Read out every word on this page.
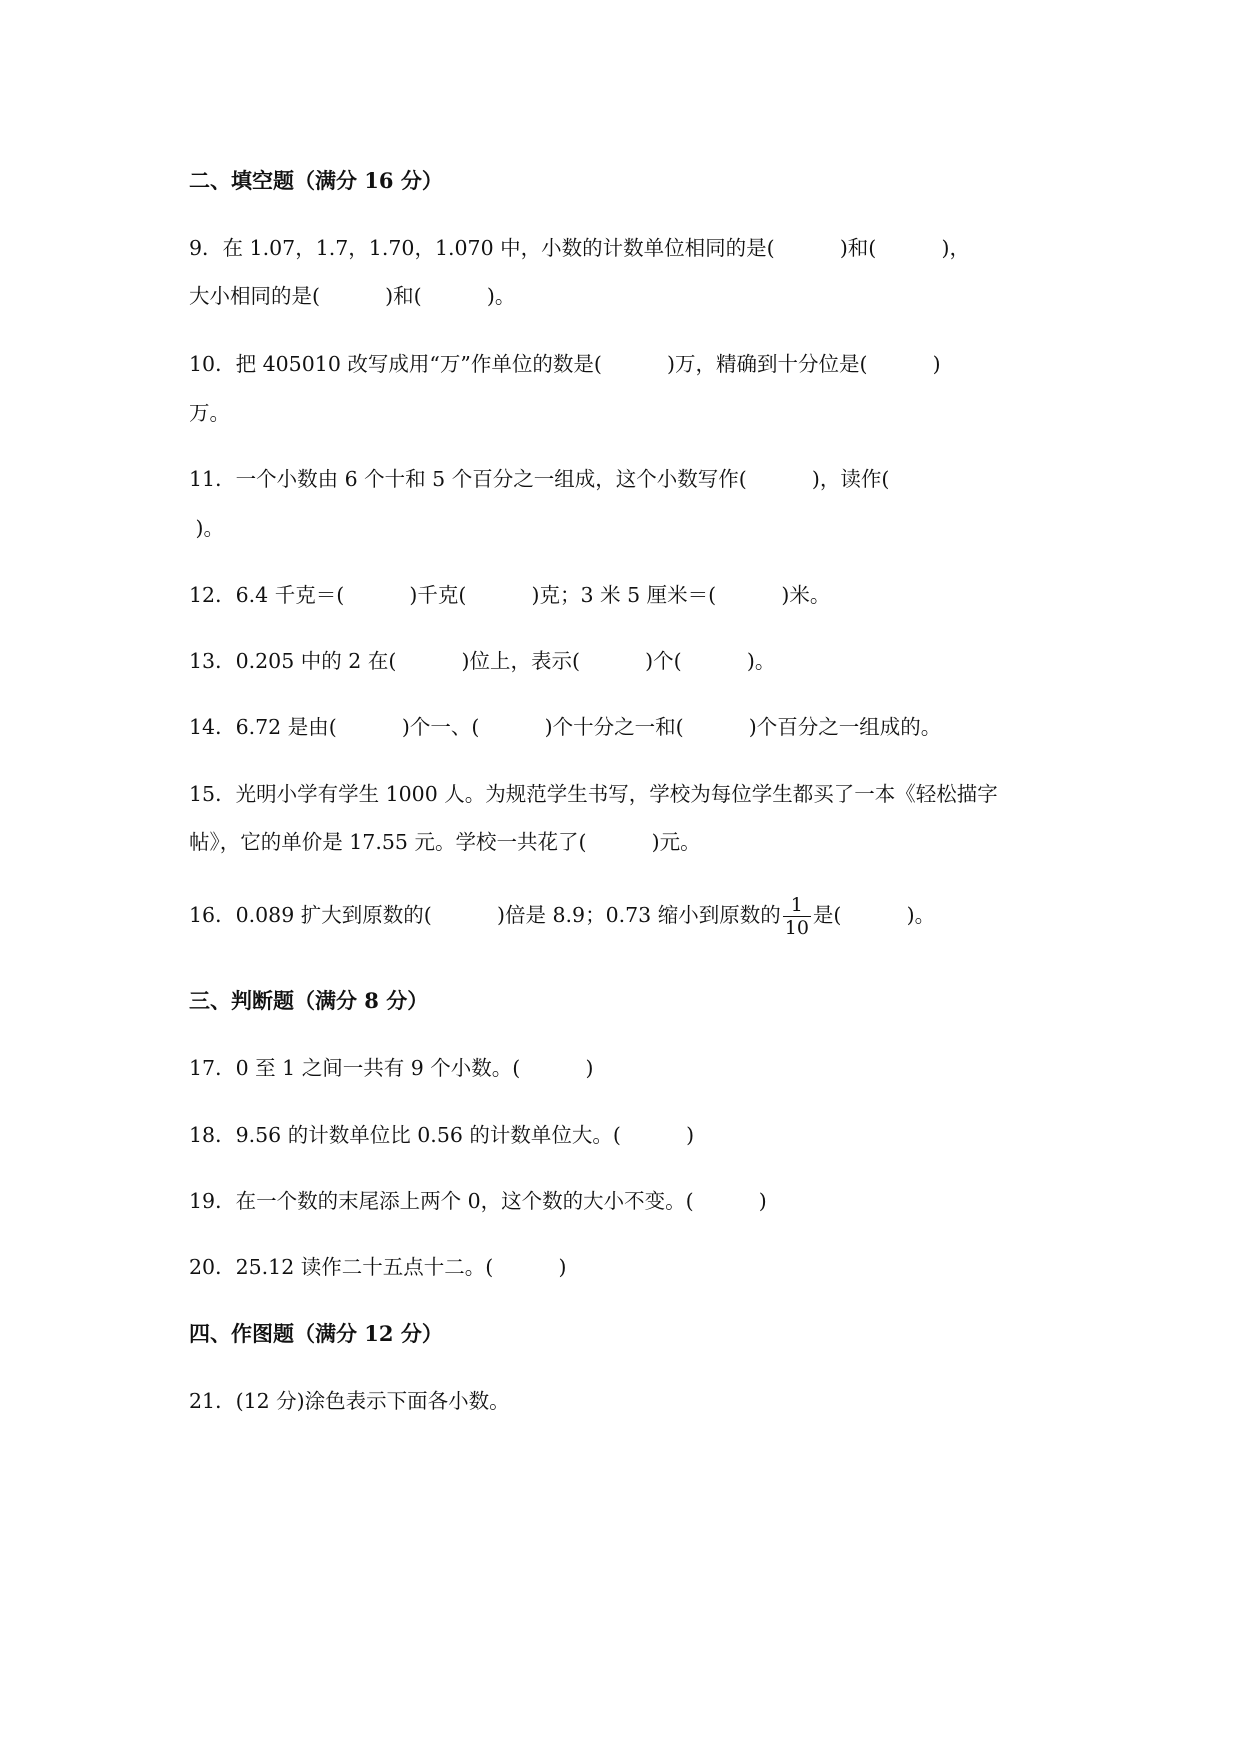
二、填空题（满分 16 分）
9．在 1.07，1.7，1.70，1.070 中，小数的计数单位相同的是(          )和(          )，
大小相同的是(          )和(          )。
10．把 405010 改写成用“万”作单位的数是(          )万，精确到十分位是(          )
万。
11．一个小数由 6 个十和 5 个百分之一组成，这个小数写作(          )，读作(
)。
12．6.4 千克＝(          )千克(          )克；3 米 5 厘米＝(          )米。
13．0.205 中的 2 在(          )位上，表示(          )个(          )。
14．6.72 是由(          )个一、(          )个十分之一和(          )个百分之一组成的。
15．光明小学有学生 1000 人。为规范学生书写，学校为每位学生都买了一本《轻松描字
帖》，它的单价是 17.55 元。学校一共花了(          )元。
16．0.089 扩大到原数的(          )倍是 8.9；0.73 缩小到原数的 $\frac{1}{10}$ 是(          )。
三、判断题（满分 8 分）
17．0 至 1 之间一共有 9 个小数。(          )
18．9.56 的计数单位比 0.56 的计数单位大。(          )
19．在一个数的末尾添上两个 0，这个数的大小不变。(          )
20．25.12 读作二十五点十二。(          )
四、作图题（满分 12 分）
21．(12 分)涂色表示下面各小数。
